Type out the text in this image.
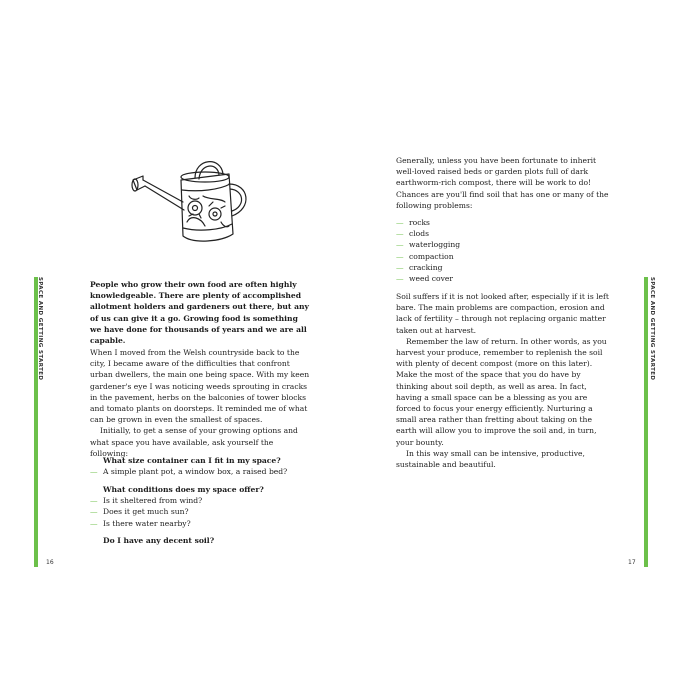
SPACE AND GETTING STARTED
16
People who grow their own food are often highly knowledgeable. There are plenty of accomplished allotment holders and gardeners out there, but any of us can give it a go. Growing food is something we have done for thousands of years and we are all capable.

When I moved from the Welsh countryside back to the city, I became aware of the difficulties that confront urban dwellers, the main one being space. With my keen gardener's eye I was noticing weeds sprouting in cracks in the pavement, herbs on the balconies of tower blocks and tomato plants on doorsteps. It reminded me of what can be grown in even the smallest of spaces.

Initially, to get a sense of your growing options and what space you have available, ask yourself the following:

What size container can I fit in my space?
— A simple plant pot, a window box, a raised bed?
What conditions does my space offer?
— Is it sheltered from wind?
— Does it get much sun?
— Is there water nearby?
Do I have any decent soil?
SPACE AND GETTING STARTED
17
Generally, unless you have been fortunate to inherit well-loved raised beds or garden plots full of dark earthworm-rich compost, there will be work to do! Chances are you'll find soil that has one or many of the following problems:
— rocks
— clods
— waterlogging
— compaction
— cracking
— weed cover

Soil suffers if it is not looked after, especially if it is left bare. The main problems are compaction, erosion and lack of fertility – through not replacing organic matter taken out at harvest.

Remember the law of return. In other words, as you harvest your produce, remember to replenish the soil with plenty of decent compost (more on this later). Make the most of the space that you do have by thinking about soil depth, as well as area. In fact, having a small space can be a blessing as you are forced to focus your energy efficiently. Nurturing a small area rather than fretting about taking on the earth will allow you to improve the soil and, in turn, your bounty.

In this way small can be intensive, productive, sustainable and beautiful.
